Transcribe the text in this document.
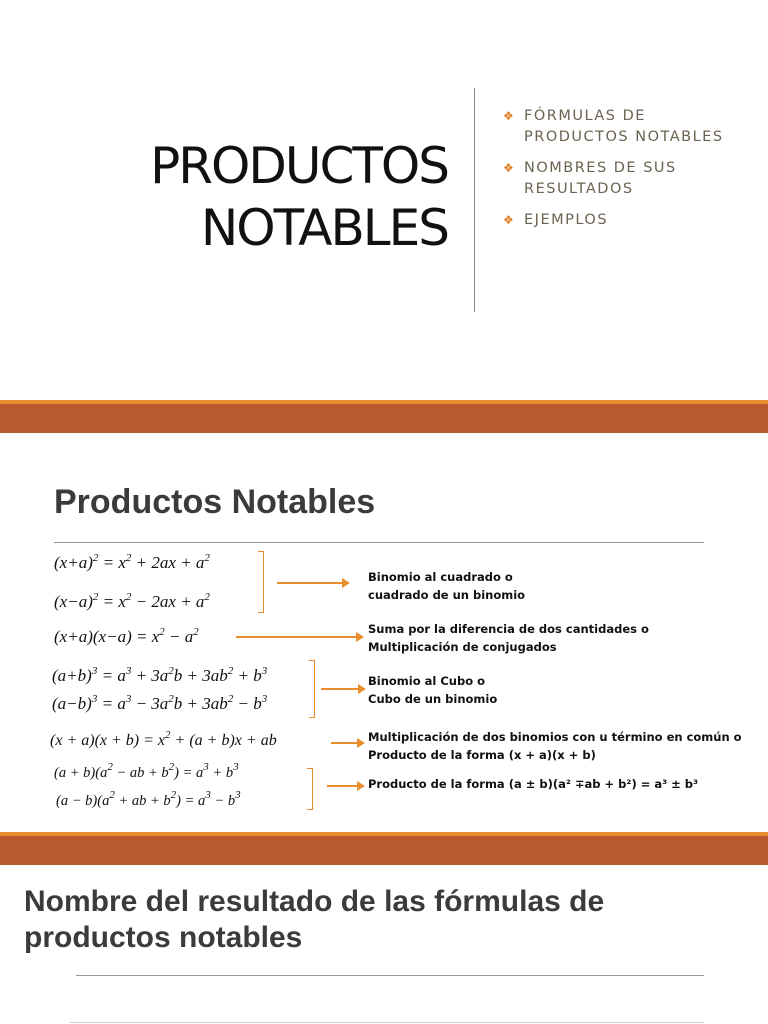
PRODUCTOS
NOTABLES
❖ FÓRMULAS DE PRODUCTOS NOTABLES
❖ NOMBRES DE SUS RESULTADOS
❖ EJEMPLOS
Productos Notables
$(x+a)^2 = x^2 + 2ax + a^2$
$(x-a)^2 = x^2 - 2ax + a^2$
Binomio al cuadrado o
cuadrado de un binomio
$(x+a)(x-a) = x^2 - a^2$	Suma por la diferencia de dos cantidades o
Multiplicación de conjugados
$(a+b)^3 = a^3 + 3a^2b + 3ab^2 + b^3$
$(a-b)^3 = a^3 - 3a^2b + 3ab^2 - b^3$
Binomio al Cubo o
Cubo de un binomio
$(x + a)(x + b) = x^2 + (a + b)x$ + ab	Multiplicación de dos binomios con u término en común o
Producto de la forma (x + a)(x + b)
$(a + b)(a^2$ − ab + $b^2) = a^3 + b^3$
$(a - b)(a^2$ + ab + $b^2) = a^3 - b^3$
Producto de la forma (a ± b)(a² ∓ab + b²) = a³ ± b³
Nombre del resultado de las fórmulas de productos notables
